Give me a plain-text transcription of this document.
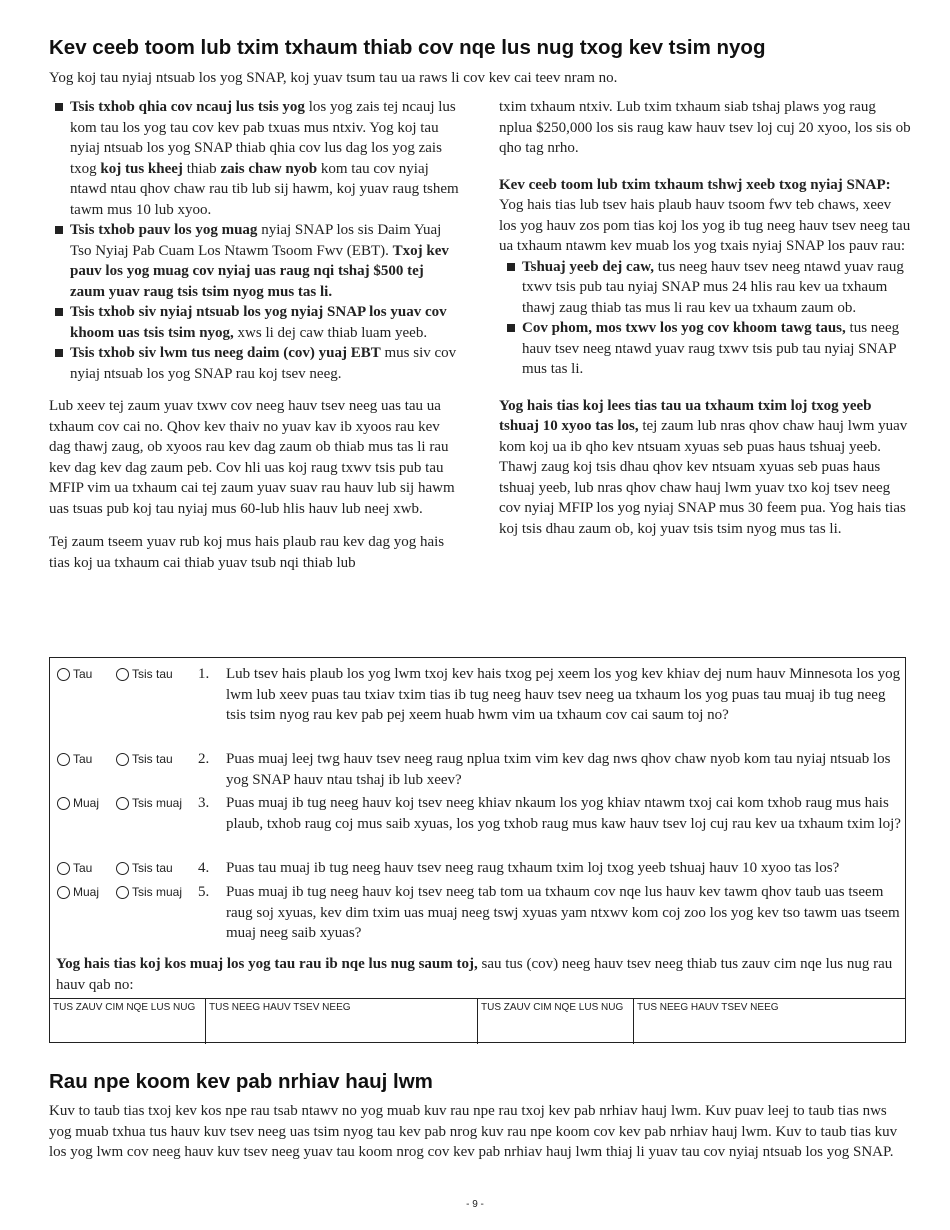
Kev ceeb toom lub txim txhaum thiab cov nqe lus nug txog kev tsim nyog
Yog koj tau nyiaj ntsuab los yog SNAP, koj yuav tsum tau ua raws li cov kev cai teev nram no.
Tsis txhob qhia cov ncauj lus tsis yog los yog zais tej ncauj lus kom tau los yog tau cov kev pab txuas mus ntxiv. Yog koj tau nyiaj ntsuab los yog SNAP thiab qhia cov lus dag los yog zais txog koj tus kheej thiab zais chaw nyob kom tau cov nyiaj ntawd ntau qhov chaw rau tib lub sij hawm, koj yuav raug tshem tawm mus 10 lub xyoo.
Tsis txhob pauv los yog muag nyiaj SNAP los sis Daim Yuaj Tso Nyiaj Pab Cuam Los Ntawm Tsoom Fwv (EBT). Txoj kev pauv los yog muag cov nyiaj uas raug nqi tshaj $500 tej zaum yuav raug tsis tsim nyog mus tas li.
Tsis txhob siv nyiaj ntsuab los yog nyiaj SNAP los yuav cov khoom uas tsis tsim nyog, xws li dej caw thiab luam yeeb.
Tsis txhob siv lwm tus neeg daim (cov) yuaj EBT mus siv cov nyiaj ntsuab los yog SNAP rau koj tsev neeg.

Lub xeev tej zaum yuav txwv cov neeg hauv tsev neeg uas tau ua txhaum cov cai no. Qhov kev thaiv no yuav kav ib xyoos rau kev dag thawj zaug, ob xyoos rau kev dag zaum ob thiab mus tas li rau kev dag kev dag zaum peb. Cov hli uas koj raug txwv tsis pub tau MFIP vim ua txhaum cai tej zaum yuav suav rau hauv lub sij hawm uas tsuas pub koj tau nyiaj mus 60-lub hlis hauv lub neej xwb.

Tej zaum tseem yuav rub koj mus hais plaub rau kev dag yog hais tias koj ua txhaum cai thiab yuav tsub nqi thiab lub

txim txhaum ntxiv. Lub txim txhaum siab tshaj plaws yog raug nplua $250,000 los sis raug kaw hauv tsev loj cuj 20 xyoo, los sis ob qho tag nrho.

Kev ceeb toom lub txim txhaum tshwj xeeb txog nyiaj SNAP: Yog hais tias lub tsev hais plaub hauv tsoom fwv teb chaws, xeev los yog hauv zos pom tias koj los yog ib tug neeg hauv tsev neeg tau ua txhaum ntawm kev muab los yog txais nyiaj SNAP los pauv rau:

Tshuaj yeeb dej caw, tus neeg hauv tsev neeg ntawd yuav raug txwv tsis pub tau nyiaj SNAP mus 24 hlis rau kev ua txhaum thawj zaug thiab tas mus li rau kev ua txhaum zaum ob.
Cov phom, mos txwv los yog cov khoom tawg taus, tus neeg hauv tsev neeg ntawd yuav raug txwv tsis pub tau nyiaj SNAP mus tas li.

Yog hais tias koj lees tias tau ua txhaum txim loj txog yeeb tshuaj 10 xyoo tas los, tej zaum lub nras qhov chaw hauj lwm yuav kom koj ua ib qho kev ntsuam xyuas seb puas haus tshuaj yeeb. Thawj zaug koj tsis dhau qhov kev ntsuam xyuas seb puas haus tshuaj yeeb, lub nras qhov chaw hauj lwm yuav txo koj tsev neeg cov nyiaj MFIP los yog nyiaj SNAP mus 30 feem pua. Yog hais tias koj tsis dhau zaum ob, koj yuav tsis tsim nyog mus tas li.

Tau	Tsis tau 1. Lub tsev hais plaub los yog lwm txoj kev hais txog pej xeem los yog kev khiav dej num hauv Minnesota los yog lwm lub xeev puas tau txiav txim tias ib tug neeg hauv tsev neeg ua txhaum los yog puas tau muaj ib tug neeg tsis tsim nyog rau kev pab pej xeem huab hwm vim ua txhaum cov cai saum toj no?
Tau	Tsis tau 2. Puas muaj leej twg hauv tsev neeg raug nplua txim vim kev dag nws qhov chaw nyob kom tau nyiaj ntsuab los yog SNAP hauv ntau tshaj ib lub xeev?
Muaj	Tsis muaj 3. Puas muaj ib tug neeg hauv koj tsev neeg khiav nkaum los yog khiav ntawm txoj cai kom txhob raug mus hais plaub, txhob raug coj mus saib xyuas, los yog txhob raug mus kaw hauv tsev loj cuj rau kev ua txhaum txim loj?
Tau	Tsis tau 4. Puas tau muaj ib tug neeg hauv tsev neeg raug txhaum txim loj txog yeeb tshuaj hauv 10 xyoo tas los?
Muaj	Tsis muaj 5. Puas muaj ib tug neeg hauv koj tsev neeg tab tom ua txhaum cov nqe lus hauv kev tawm qhov taub uas tseem raug soj xyuas, kev dim txim uas muaj neeg tswj xyuas yam ntxwv kom coj zoo los yog kev tso tawm uas tseem muaj neeg saib xyuas?
Yog hais tias koj kos muaj los yog tau rau ib nqe lus nug saum toj, sau tus (cov) neeg hauv tsev neeg thiab tus zauv cim nqe lus nug rau hauv qab no:
TUS ZAUV CIM NQE LUS NUG	TUS NEEG HAUV TSEV NEEG	TUS ZAUV CIM NQE LUS NUG	TUS NEEG HAUV TSEV NEEG
Rau npe koom kev pab nrhiav hauj lwm
Kuv to taub tias txoj kev kos npe rau tsab ntawv no yog muab kuv rau npe rau txoj kev pab nrhiav hauj lwm. Kuv puav leej to taub tias nws yog muab txhua tus hauv kuv tsev neeg uas tsim nyog tau kev pab nrog kuv rau npe koom cov kev pab nrhiav hauj lwm. Kuv to taub tias kuv los yog lwm cov neeg hauv kuv tsev neeg yuav tau koom nrog cov kev pab nrhiav hauj lwm thiaj li yuav tau cov nyiaj ntsuab los yog SNAP.
- 9 -
